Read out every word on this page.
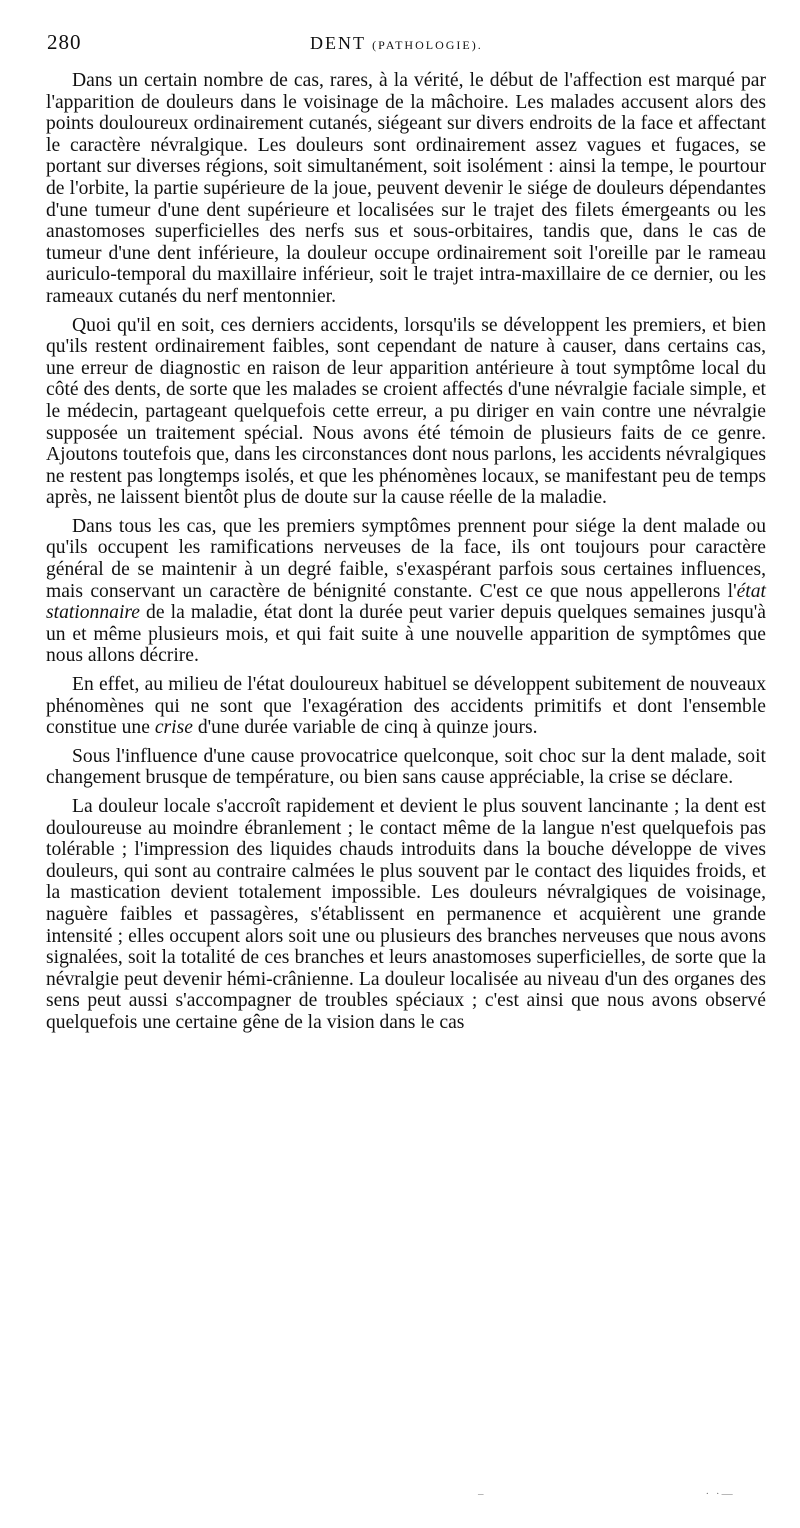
280	DENT (PATHOLOGIE).

Dans un certain nombre de cas, rares, à la vérité, le début de l'affection est marqué par l'apparition de douleurs dans le voisinage de la mâchoire. Les malades accusent alors des points douloureux ordinairement cutanés, siégeant sur divers endroits de la face et affectant le caractère névralgique. Les douleurs sont ordinairement assez vagues et fugaces, se portant sur diverses régions, soit simultanément, soit isolément : ainsi la tempe, le pourtour de l'orbite, la partie supérieure de la joue, peuvent devenir le siége de douleurs dépendantes d'une tumeur d'une dent supérieure et localisées sur le trajet des filets émergeants ou les anastomoses superficielles des nerfs sus et sous-orbitaires, tandis que, dans le cas de tumeur d'une dent inférieure, la douleur occupe ordinairement soit l'oreille par le rameau auriculo-temporal du maxillaire inférieur, soit le trajet intra-maxillaire de ce dernier, ou les rameaux cutanés du nerf mentonnier.

Quoi qu'il en soit, ces derniers accidents, lorsqu'ils se développent les premiers, et bien qu'ils restent ordinairement faibles, sont cependant de nature à causer, dans certains cas, une erreur de diagnostic en raison de leur apparition antérieure à tout symptôme local du côté des dents, de sorte que les malades se croient affectés d'une névralgie faciale simple, et le médecin, partageant quelquefois cette erreur, a pu diriger en vain contre une névralgie supposée un traitement spécial. Nous avons été témoin de plusieurs faits de ce genre. Ajoutons toutefois que, dans les circonstances dont nous parlons, les accidents névralgiques ne restent pas longtemps isolés, et que les phénomènes locaux, se manifestant peu de temps après, ne laissent bientôt plus de doute sur la cause réelle de la maladie.

Dans tous les cas, que les premiers symptômes prennent pour siége la dent malade ou qu'ils occupent les ramifications nerveuses de la face, ils ont toujours pour caractère général de se maintenir à un degré faible, s'exaspérant parfois sous certaines influences, mais conservant un caractère de bénignité constante. C'est ce que nous appellerons l'état stationnaire de la maladie, état dont la durée peut varier depuis quelques semaines jusqu'à un et même plusieurs mois, et qui fait suite à une nouvelle apparition de symptômes que nous allons décrire.

En effet, au milieu de l'état douloureux habituel se développent subitement de nouveaux phénomènes qui ne sont que l'exagération des accidents primitifs et dont l'ensemble constitue une crise d'une durée variable de cinq à quinze jours.

Sous l'influence d'une cause provocatrice quelconque, soit choc sur la dent malade, soit changement brusque de température, ou bien sans cause appréciable, la crise se déclare.

La douleur locale s'accroît rapidement et devient le plus souvent lancinante ; la dent est douloureuse au moindre ébranlement ; le contact même de la langue n'est quelquefois pas tolérable ; l'impression des liquides chauds introduits dans la bouche développe de vives douleurs, qui sont au contraire calmées le plus souvent par le contact des liquides froids, et la mastication devient totalement impossible. Les douleurs névralgiques de voisinage, naguère faibles et passagères, s'établissent en permanence et acquièrent une grande intensité ; elles occupent alors soit une ou plusieurs des branches nerveuses que nous avons signalées, soit la totalité de ces branches et leurs anastomoses superficielles, de sorte que la névralgie peut devenir hémi-crânienne. La douleur localisée au niveau d'un des organes des sens peut aussi s'accompagner de troubles spéciaux ; c'est ainsi que nous avons observé quelquefois une certaine gêne de la vision dans le cas

–	· ·—
